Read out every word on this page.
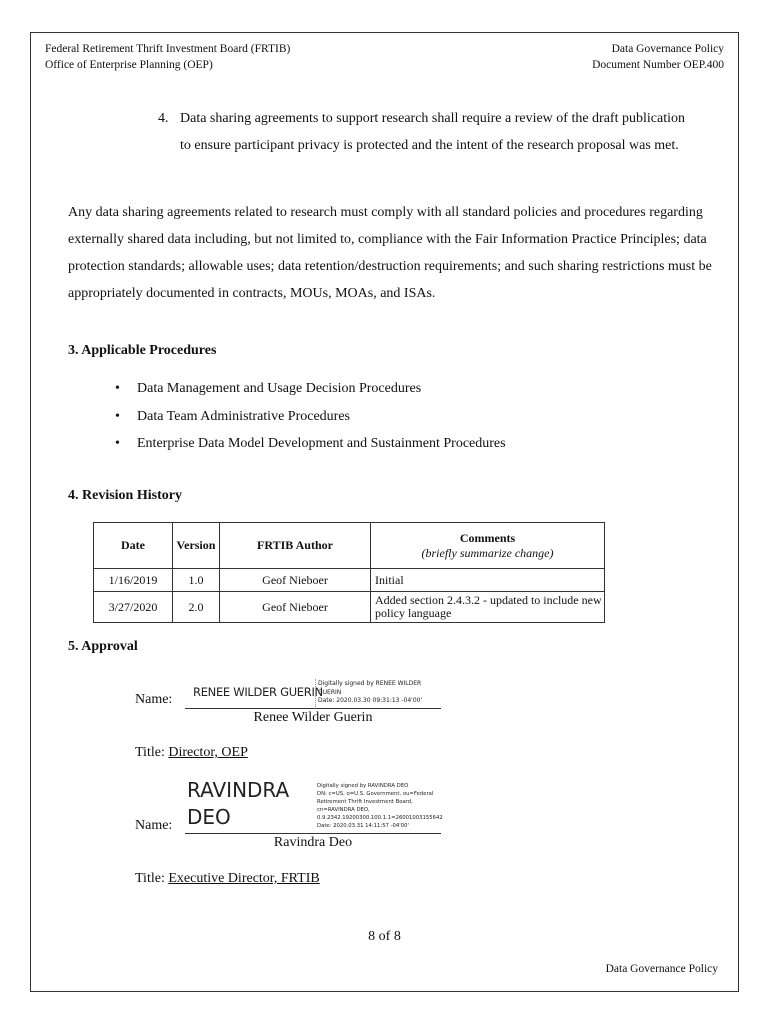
Federal Retirement Thrift Investment Board (FRTIB)
Office of Enterprise Planning (OEP)
Data Governance Policy
Document Number OEP.400
4. Data sharing agreements to support research shall require a review of the draft publication to ensure participant privacy is protected and the intent of the research proposal was met.
Any data sharing agreements related to research must comply with all standard policies and procedures regarding externally shared data including, but not limited to, compliance with the Fair Information Practice Principles; data protection standards; allowable uses; data retention/destruction requirements; and such sharing restrictions must be appropriately documented in contracts, MOUs, MOAs, and ISAs.
3. Applicable Procedures
• Data Management and Usage Decision Procedures
• Data Team Administrative Procedures
• Enterprise Data Model Development and Sustainment Procedures
4. Revision History
Date	Version	FRTIB Author	Comments
(briefly summarize change)

1/16/2019	1.0	Geof Nieboer	Initial
3/27/2020	2.0	Geof Nieboer	Added section 2.4.3.2 - updated to include new policy language
5. Approval
Name: RENEE WILDER GUERIN
Digitally signed by RENEE WILDER
GUERIN
Date: 2020.03.30 09:31:13 -04'00'
Renee Wilder Guerin
Title: Director, OEP
RAVINDRA
DEO
Digitally signed by RAVINDRA DEO
DN: c=US, o=U.S. Government, ou=Federal
Retirement Thrift Investment Board,
cn=RAVINDRA DEO,
0.9.2342.19200300.100.1.1=26001003155642
Date: 2020.03.31 14:11:57 -04'00'
Name:
Ravindra Deo
Title: Executive Director, FRTIB
8 of 8
Data Governance Policy
